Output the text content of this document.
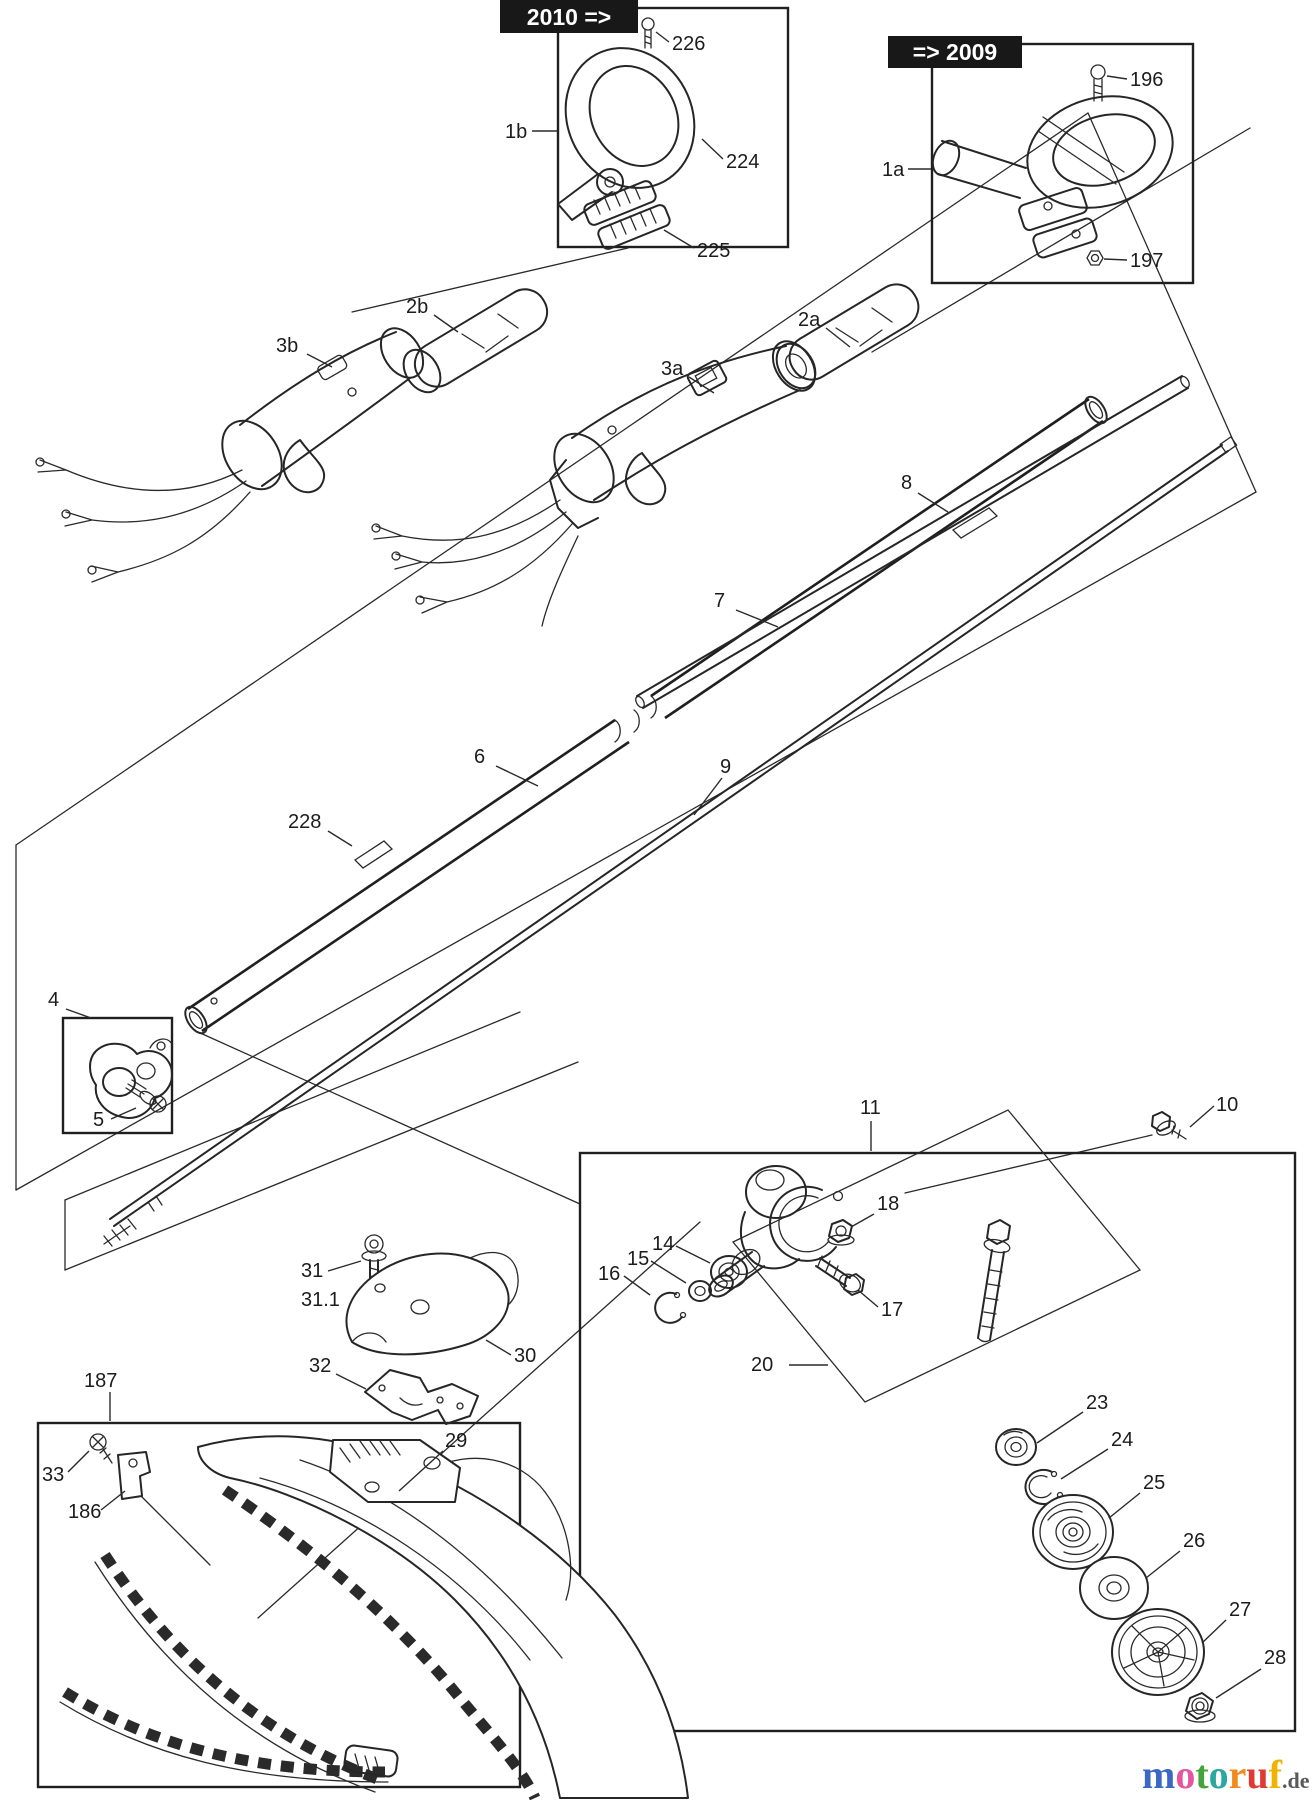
2010 =>
=> 2009
1b
226
224
225
1a
196
197
2b
3b
2a
3a
8
7
6
228
9
4
5
10
11
18
17
14
15
16
20
23
24
25
26
27
28
31
31.1
30
32
29
187
33
186
motoruf.de
